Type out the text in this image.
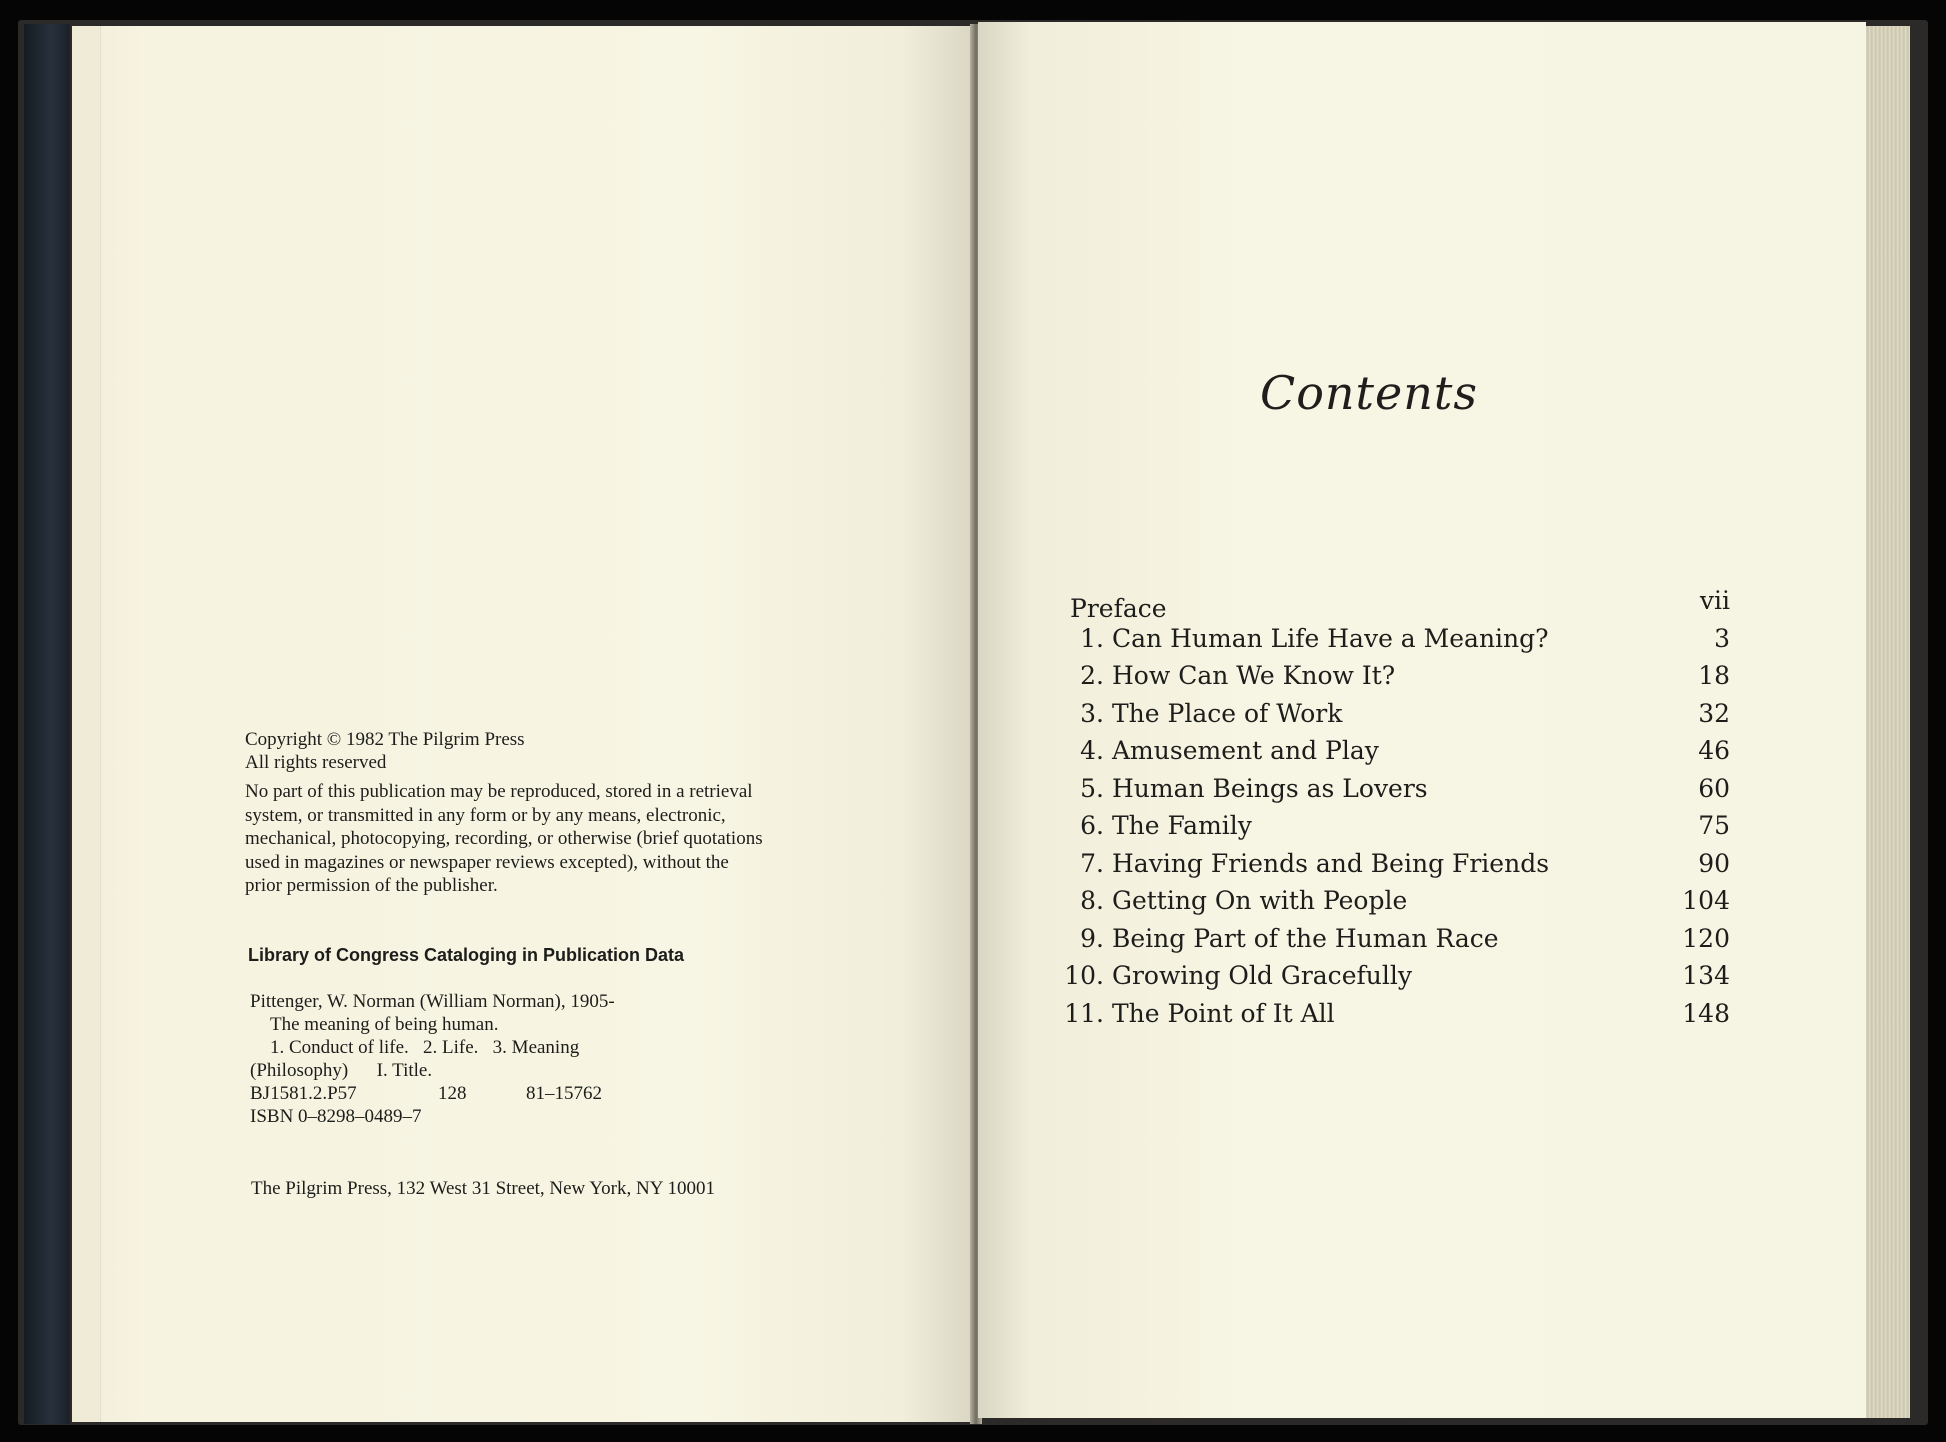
Copyright © 1982 The Pilgrim Press
All rights reserved
No part of this publication may be reproduced, stored in a retrieval
system, or transmitted in any form or by any means, electronic,
mechanical, photocopying, recording, or otherwise (brief quotations
used in magazines or newspaper reviews excepted), without the
prior permission of the publisher.
Library of Congress Cataloging in Publication Data
Pittenger, W. Norman (William Norman), 1905-
The meaning of being human.
1. Conduct of life.   2. Life.   3. Meaning
(Philosophy)      I. Title.
BJ1581.2.P57	128	81–15762
ISBN 0–8298–0489–7
The Pilgrim Press, 132 West 31 Street, New York, NY 10001
Contents
Preface	vii
1. Can Human Life Have a Meaning?	3
2. How Can We Know It?	18
3. The Place of Work	32
4. Amusement and Play	46
5. Human Beings as Lovers	60
6. The Family	75
7. Having Friends and Being Friends	90
8. Getting On with People	104
9. Being Part of the Human Race	120
10. Growing Old Gracefully	134
11. The Point of It All	148
